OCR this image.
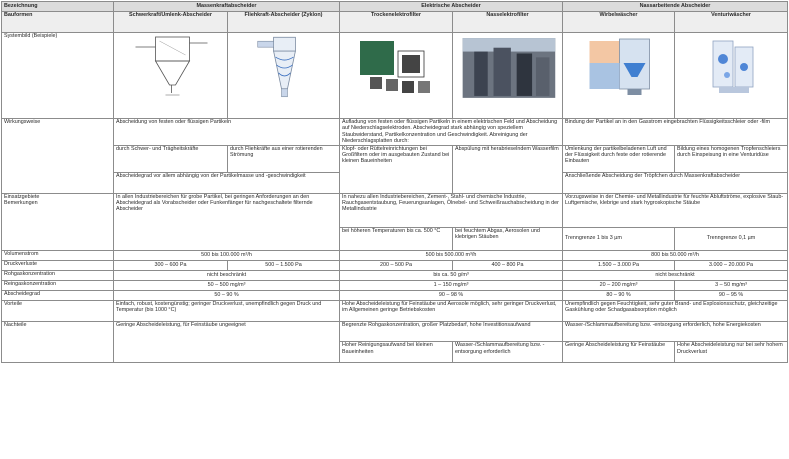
Bezeichnung	Massenkraftabscheider		Elektrische Abscheider		Nassarbeitende Abscheider	
Bauformen	Schwerkraft/Umlenk-Abscheider	Fliehkraft-Abscheider (Zyklon)	Trockenelektrofilter	Nasselektrofilter	Wirbelwäscher	Venturiwäscher
Systembild (Beispiele)	

Wirkungsweise	Abscheidung von festen oder flüssigen Partikeln		Aufladung von festen oder flüssigen Partikeln in einem elektrischen Feld und Abscheidung auf Niederschlagselektroden. Abscheidegrad stark abhängig von speziellem Staubwiderstand, Partikelkonzentration und Geschwindigkeit. Abreinigung der Niederschlagsplatten durch:		Bindung der Partikel an in den Gasstrom eingebrachten Flüssigkeitsschleier oder -film	
	durch Schwer- und Trägheitskräfte	durch Fliehkräfte aus einer rotierenden Strömung	Klopf- oder Rüttelreinrichtungen bei Großfiltern oder im ausgebauten Zustand bei kleinen Baueinheiten	Abspülung mit herabrieselndem Wasserfilm	Umlenkung der partikelbeladenen Luft und der Flüssigkeit durch feste oder rotierende Einbauten	Bildung eines homogenen Tropfenschleiers durch Einspeisung in eine Venturidüse
	Abscheidegrad vor allem abhängig von der Partikelmasse und -geschwindigkeit				Anschließende Abscheidung der Tröpfchen durch Massenkraftabscheider	
Einsatzgebiete
Bemerkungen	In allen Industriebereichen für grobe Partikel, bei geringen Anforderungen an den Abscheidegrad als Vorabscheider oder Funkenfänger für nachgeschaltete filternde Abscheider		In nahezu allen Industriebereichen, Zement-, Stahl- und chemische Industrie, Rauchgasentstaubung, Feuerungsanlagen, Ölnebel- und Schweißrauchabscheidung in der Metallindustrie		Vorzugsweise in der Chemie- und Metallindustrie für feuchte Abluftströme, explosive Staub-Luftgemische, klebrige und stark hygroskopische Stäube	
			bei höheren Temperaturen bis ca. 500 °C	bei feuchtem Abgas, Aerosolen und klebrigen Stäuben	Trenngrenze 1 bis 3 µm	Trenngrenze 0,1 µm
Volumenstrom	500 bis 100.000 m³/h		500 bis 500.000 m³/h		800 bis 50.000 m³/h	
Druckverluste	300 – 600 Pa	500 – 1.500 Pa	200 – 500 Pa	400 – 800 Pa	1.500 – 3.000 Pa	3.000 – 20.000 Pa
Rohgaskonzentration	nicht beschränkt		bis ca. 50 g/m³		nicht beschränkt	
Reingaskonzentration	50 – 500 mg/m³		1 – 150 mg/m³		20 – 200 mg/m³	3 – 50 mg/m³
Abscheidegrad	50 – 90 %		90 – 98 %		80 – 90 %	90 – 95 %
Vorteile	Einfach, robust, kostengünstig; geringer Druckverlust, unempfindlich gegen Druck und Temperatur (bis 1000 °C)		Hohe Abscheideleistung für Feinstäube und Aerosole möglich, sehr geringer Druckverlust, im Allgemeinen geringe Betriebskosten		Unempfindlich gegen Feuchtigkeit, sehr guter Brand- und Explosionsschutz, gleichzeitige Gaskühlung oder Schadgasabsorption möglich	
Nachteile	Geringe Abscheideleistung, für Feinstäube ungeeignet		Begrenzte Rohgaskonzentration, großer Platzbedarf, hohe Investitionsaufwand		Wasser-/Schlammaufbereitung bzw. -entsorgung erforderlich, hohe Energiekosten	
			Hoher Reinigungsaufwand bei kleinen Baueinheiten	Wasser-/Schlammaufbereitung bzw. -entsorgung erforderlich	Geringe Abscheideleistung für Feinstäube	Hohe Abscheideleistung nur bei sehr hohem Druckverlust
